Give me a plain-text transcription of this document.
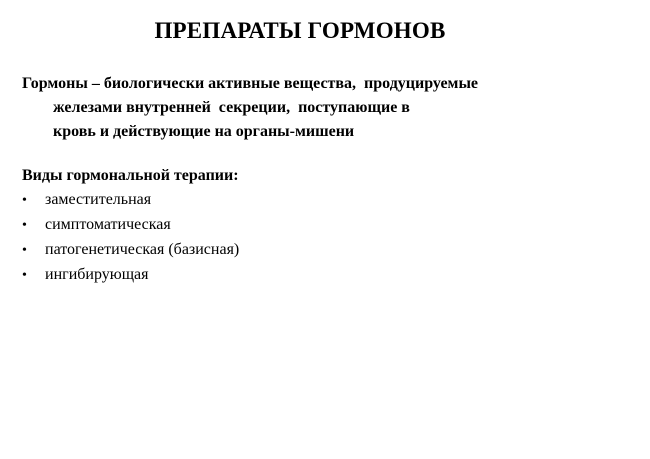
ПРЕПАРАТЫ ГОРМОНОВ
Гормоны – биологически активные вещества,  продуцируемые
железами внутренней  секреции,  поступающие в
кровь и действующие на органы-мишени

Виды гормональной терапии:

•	заместительная
•	симптоматическая
•	патогенетическая (базисная)
•	ингибирующая
